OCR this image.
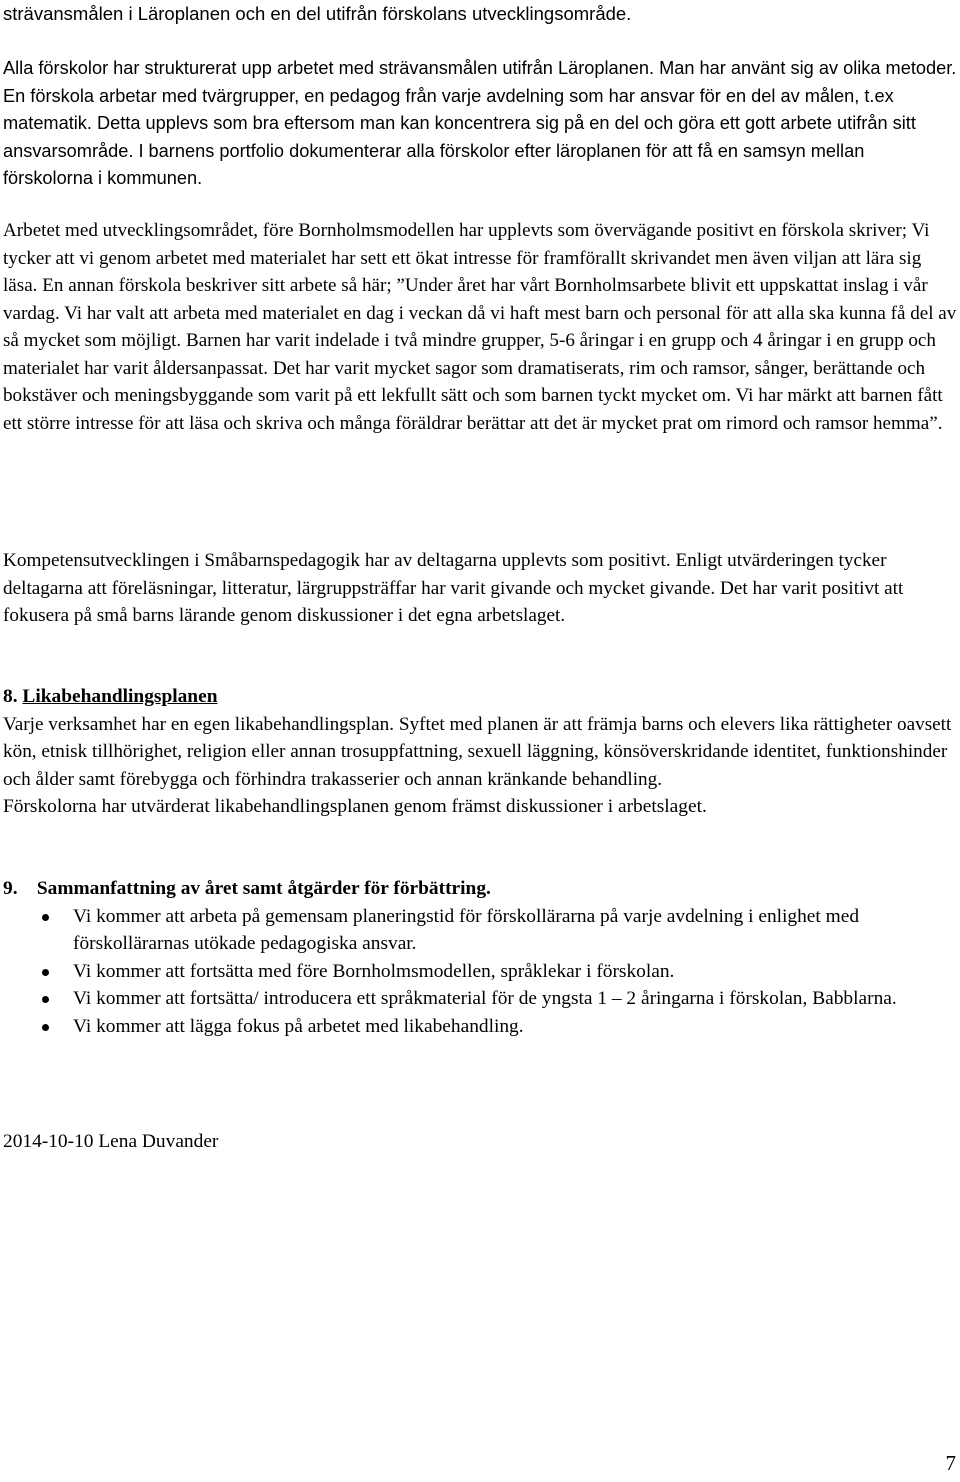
strävansmålen i Läroplanen och en del utifrån förskolans utvecklingsområde.

Alla förskolor har strukturerat upp arbetet med strävansmålen utifrån Läroplanen. Man har använt sig av olika metoder. En förskola arbetar med tvärgrupper, en pedagog från varje avdelning som har ansvar för en del av målen, t.ex matematik. Detta upplevs som bra eftersom man kan koncentrera sig på en del och göra ett gott arbete utifrån sitt ansvarsområde. I barnens portfolio dokumenterar alla förskolor efter läroplanen för att få en samsyn mellan förskolorna i kommunen.

Arbetet med utvecklingsområdet, före Bornholmsmodellen har upplevts som övervägande positivt en förskola skriver; Vi tycker att vi genom arbetet med materialet har sett ett ökat intresse för framförallt skrivandet men även viljan att lära sig läsa. En annan förskola beskriver sitt arbete så här; ”Under året har vårt Bornholmsarbete blivit ett uppskattat inslag i vår vardag. Vi har valt att arbeta med materialet en dag i veckan då vi haft mest barn och personal för att alla ska kunna få del av så mycket som möjligt. Barnen har varit indelade i två mindre grupper, 5-6 åringar i en grupp och 4 åringar i en grupp och materialet har varit åldersanpassat. Det har varit mycket sagor som dramatiserats, rim och ramsor, sånger, berättande och bokstäver och meningsbyggande som varit på ett lekfullt sätt och som barnen tyckt mycket om. Vi har märkt att barnen fått ett större intresse för att läsa och skriva och många föräldrar berättar att det är mycket prat om rimord och ramsor hemma”.

Kompetensutvecklingen i Småbarnspedagogik har av deltagarna upplevts som positivt. Enligt utvärderingen tycker deltagarna att föreläsningar, litteratur, lärgruppsträffar har varit givande och mycket givande. Det har varit positivt att fokusera på små barns lärande genom diskussioner i det egna arbetslaget.

8. Likabehandlingsplanen

Varje verksamhet har en egen likabehandlingsplan. Syftet med planen är att främja barns och elevers lika rättigheter oavsett kön, etnisk tillhörighet, religion eller annan trosuppfattning, sexuell läggning, könsöverskridande identitet, funktionshinder och ålder samt förebygga och förhindra trakasserier och annan kränkande behandling.

Förskolorna har utvärderat likabehandlingsplanen genom främst diskussioner i arbetslaget.

9. Sammanfattning av året samt åtgärder för förbättring.

Vi kommer att arbeta på gemensam planeringstid för förskollärarna på varje avdelning i enlighet med förskollärarnas utökade pedagogiska ansvar.
Vi kommer att fortsätta med före Bornholmsmodellen, språklekar i förskolan.
Vi kommer att fortsätta/ introducera ett språkmaterial för de yngsta 1 – 2 åringarna i förskolan, Babblarna.
Vi kommer att lägga fokus på arbetet med likabehandling.

2014-10-10 Lena Duvander

7
